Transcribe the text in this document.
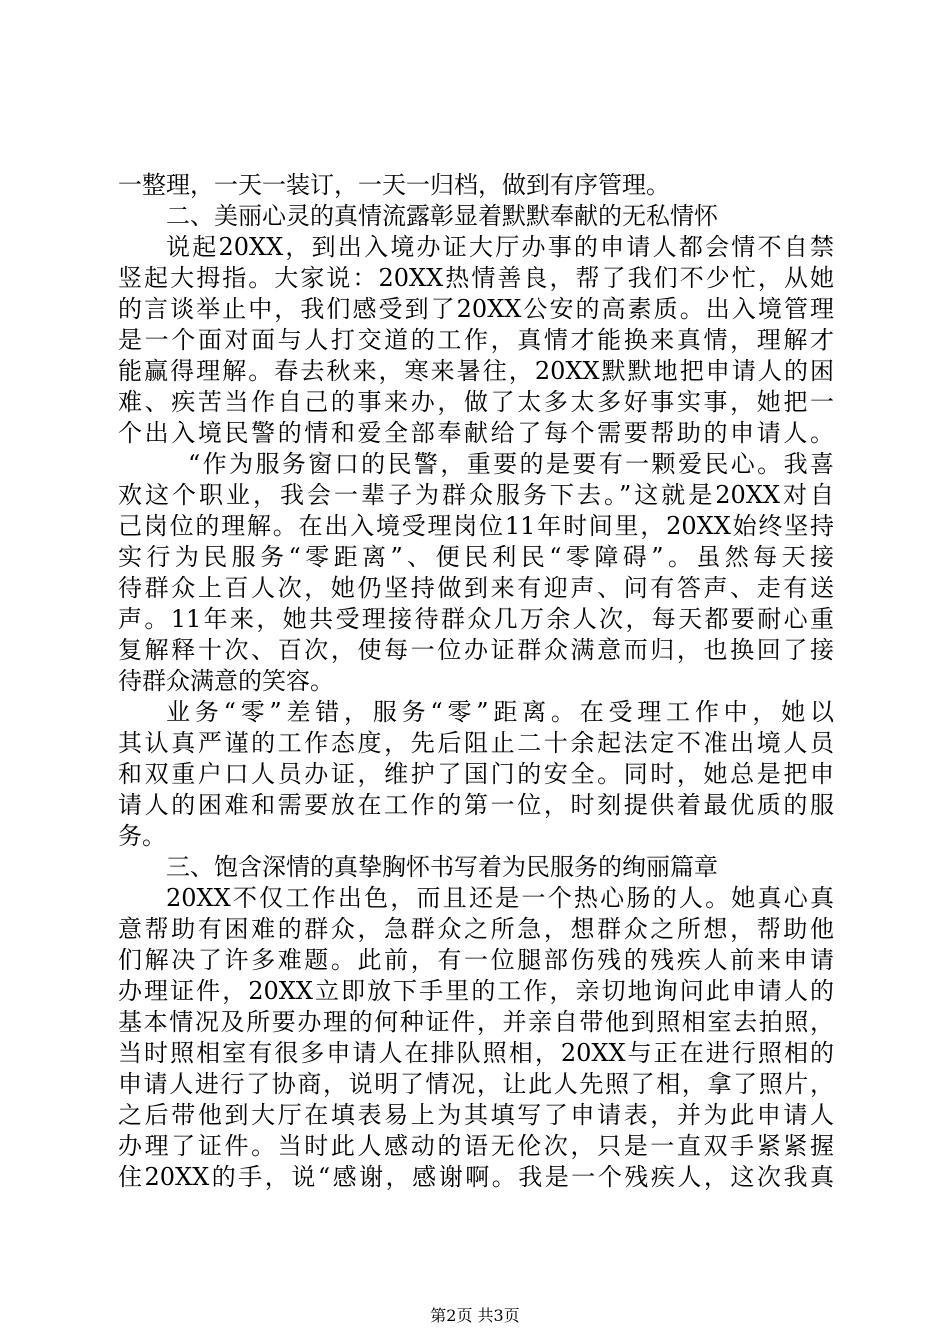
一整理，一天一装订，一天一归档，做到有序管理。
二、美丽心灵的真情流露彰显着默默奉献的无私情怀
说起20XX，到出入境办证大厅办事的申请人都会情不自禁
竖起大拇指。大家说：20XX热情善良，帮了我们不少忙，从她
的言谈举止中，我们感受到了20XX公安的高素质。出入境管理
是一个面对面与人打交道的工作，真情才能换来真情，理解才
能赢得理解。春去秋来，寒来暑往，20XX默默地把申请人的困
难、疾苦当作自己的事来办，做了太多太多好事实事，她把一
个出入境民警的情和爱全部奉献给了每个需要帮助的申请人。
“作为服务窗口的民警，重要的是要有一颗爱民心。我喜
欢这个职业，我会一辈子为群众服务下去。”这就是20XX对自
己岗位的理解。在出入境受理岗位11年时间里，20XX始终坚持
实行为民服务“零距离”、便民利民“零障碍”。虽然每天接
待群众上百人次，她仍坚持做到来有迎声、问有答声、走有送
声。11年来，她共受理接待群众几万余人次，每天都要耐心重
复解释十次、百次，使每一位办证群众满意而归，也换回了接
待群众满意的笑容。
业务“零”差错，服务“零”距离。在受理工作中，她以
其认真严谨的工作态度，先后阻止二十余起法定不准出境人员
和双重户口人员办证，维护了国门的安全。同时，她总是把申
请人的困难和需要放在工作的第一位，时刻提供着最优质的服
务。
三、饱含深情的真挚胸怀书写着为民服务的绚丽篇章
20XX不仅工作出色，而且还是一个热心肠的人。她真心真
意帮助有困难的群众，急群众之所急，想群众之所想，帮助他
们解决了许多难题。此前，有一位腿部伤残的残疾人前来申请
办理证件，20XX立即放下手里的工作，亲切地询问此申请人的
基本情况及所要办理的何种证件，并亲自带他到照相室去拍照，
当时照相室有很多申请人在排队照相，20XX与正在进行照相的
申请人进行了协商，说明了情况，让此人先照了相，拿了照片，
之后带他到大厅在填表易上为其填写了申请表，并为此申请人
办理了证件。当时此人感动的语无伦次，只是一直双手紧紧握
住20XX的手，说“感谢，感谢啊。我是一个残疾人，这次我真
第2页 共3页
